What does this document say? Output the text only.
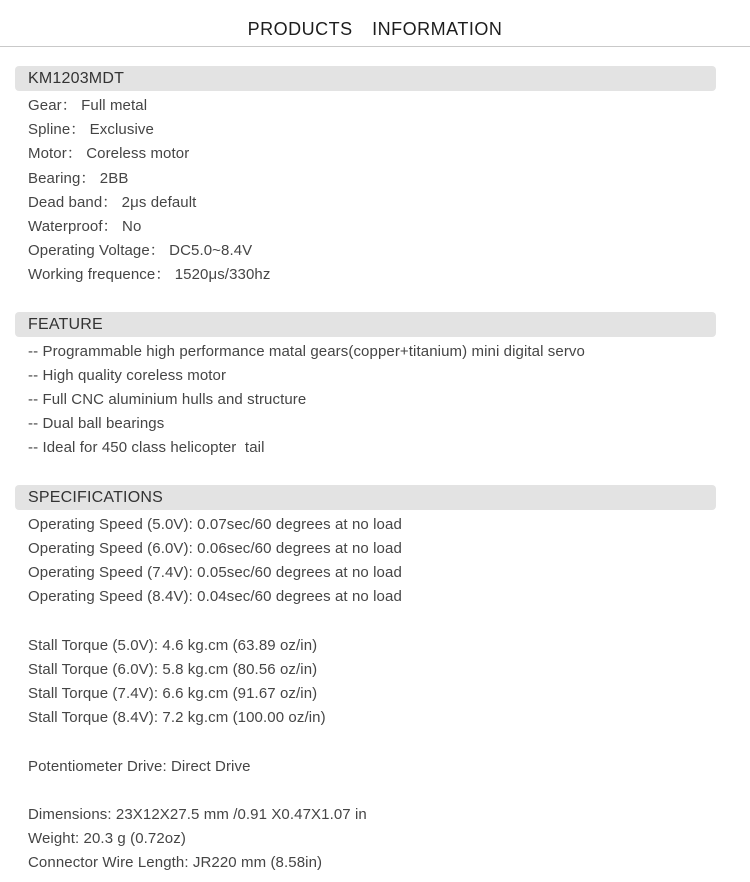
PRODUCTS INFORMATION
KM1203MDT
Gear： Full metal
Spline： Exclusive
Motor： Coreless motor
Bearing： 2BB
Dead band： 2μs default
Waterproof： No
Operating Voltage： DC5.0~8.4V
Working frequence： 1520μs/330hz
FEATURE
-- Programmable high performance matal gears(copper+titanium) mini digital servo
-- High quality coreless motor
-- Full CNC aluminium hulls and structure
-- Dual ball bearings
-- Ideal for 450 class helicopter  tail
SPECIFICATIONS
Operating Speed (5.0V): 0.07sec/60 degrees at no load
Operating Speed (6.0V): 0.06sec/60 degrees at no load
Operating Speed (7.4V): 0.05sec/60 degrees at no load
Operating Speed (8.4V): 0.04sec/60 degrees at no load
Stall Torque (5.0V): 4.6 kg.cm (63.89 oz/in)
Stall Torque (6.0V): 5.8 kg.cm (80.56 oz/in)
Stall Torque (7.4V): 6.6 kg.cm (91.67 oz/in)
Stall Torque (8.4V): 7.2 kg.cm (100.00 oz/in)
Potentiometer Drive: Direct Drive
Dimensions: 23X12X27.5 mm /0.91 X0.47X1.07 in
Weight: 20.3 g (0.72oz)
Connector Wire Length: JR220 mm (8.58in)
